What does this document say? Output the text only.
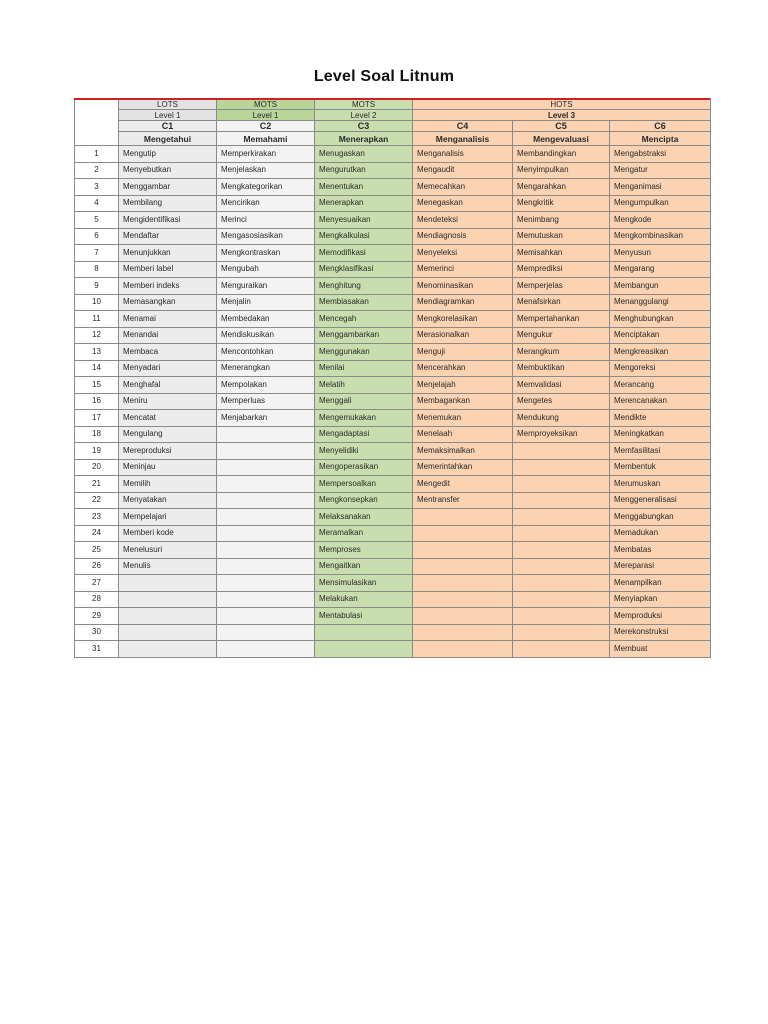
Level Soal Litnum
	LOTS	MOTS	MOTS	HOTS		
	Level 1	Level 1	Level 2	Level 3		
	C1	C2	C3	C4	C5	C6
	Mengetahui	Memahami	Menerapkan	Menganalisis	Mengevaluasi	Mencipta
1	Mengutip	Memperkirakan	Menugaskan	Menganalisis	Membandingkan	Mengabstraksi
2	Menyebutkan	Menjelaskan	Mengurutkan	Mengaudit	Menyimpulkan	Mengatur
3	Menggambar	Mengkategorikan	Menentukan	Memecahkan	Mengarahkan	Menganimasi
4	Membilang	Mencirikan	Menerapkan	Menegaskan	Mengkritik	Mengumpulkan
5	Mengidentifikasi	Merinci	Menyesuaikan	Mendeteksi	Menimbang	Mengkode
6	Mendaftar	Mengasosiasikan	Mengkalkulasi	Mendiagnosis	Memutuskan	Mengkombinasikan
7	Menunjukkan	Mengkontraskan	Memodifikasi	Menyeleksi	Memisahkan	Menyusun
8	Memberi label	Mengubah	Mengklasifikasi	Memerinci	Memprediksi	Mengarang
9	Memberi indeks	Menguraikan	Menghitung	Menominasikan	Memperjelas	Membangun
10	Memasangkan	Menjalin	Membiasakan	Mendiagramkan	Menafsirkan	Menanggulangi
11	Menamai	Membedakan	Mencegah	Mengkorelasikan	Mempertahankan	Menghubungkan
12	Menandai	Mendiskusikan	Menggambarkan	Merasionalkan	Mengukur	Menciptakan
13	Membaca	Mencontohkan	Menggunakan	Menguji	Merangkum	Mengkreasikan
14	Menyadari	Menerangkan	Menilai	Mencerahkan	Membuktikan	Mengoreksi
15	Menghafal	Mempolakan	Melatih	Menjelajah	Memvalidasi	Merancang
16	Meniru	Memperluas	Menggali	Membagankan	Mengetes	Merencanakan
17	Mencatat	Menjabarkan	Mengemukakan	Menemukan	Mendukung	Mendikte
18	Mengulang		Mengadaptasi	Menelaah	Memproyeksikan	Meningkatkan
19	Mereproduksi		Menyelidiki	Memaksimalkan		Memfasilitasi
20	Meninjau		Mengoperasikan	Memerintahkan		Membentuk
21	Memilih		Mempersoalkan	Mengedit		Merumuskan
22	Menyatakan		Mengkonsepkan	Mentransfer		Menggeneralisasi
23	Mempelajari		Melaksanakan			Menggabungkan
24	Memberi kode		Meramalkan			Memadukan
25	Menelusuri		Memproses			Membatas
26	Menulis		Mengaitkan			Mereparasi
27			Mensimulasikan			Menampilkan
28			Melakukan			Menyiapkan
29			Mentabulasi			Memproduksi
30						Merekonstruksi
31						Membuat
